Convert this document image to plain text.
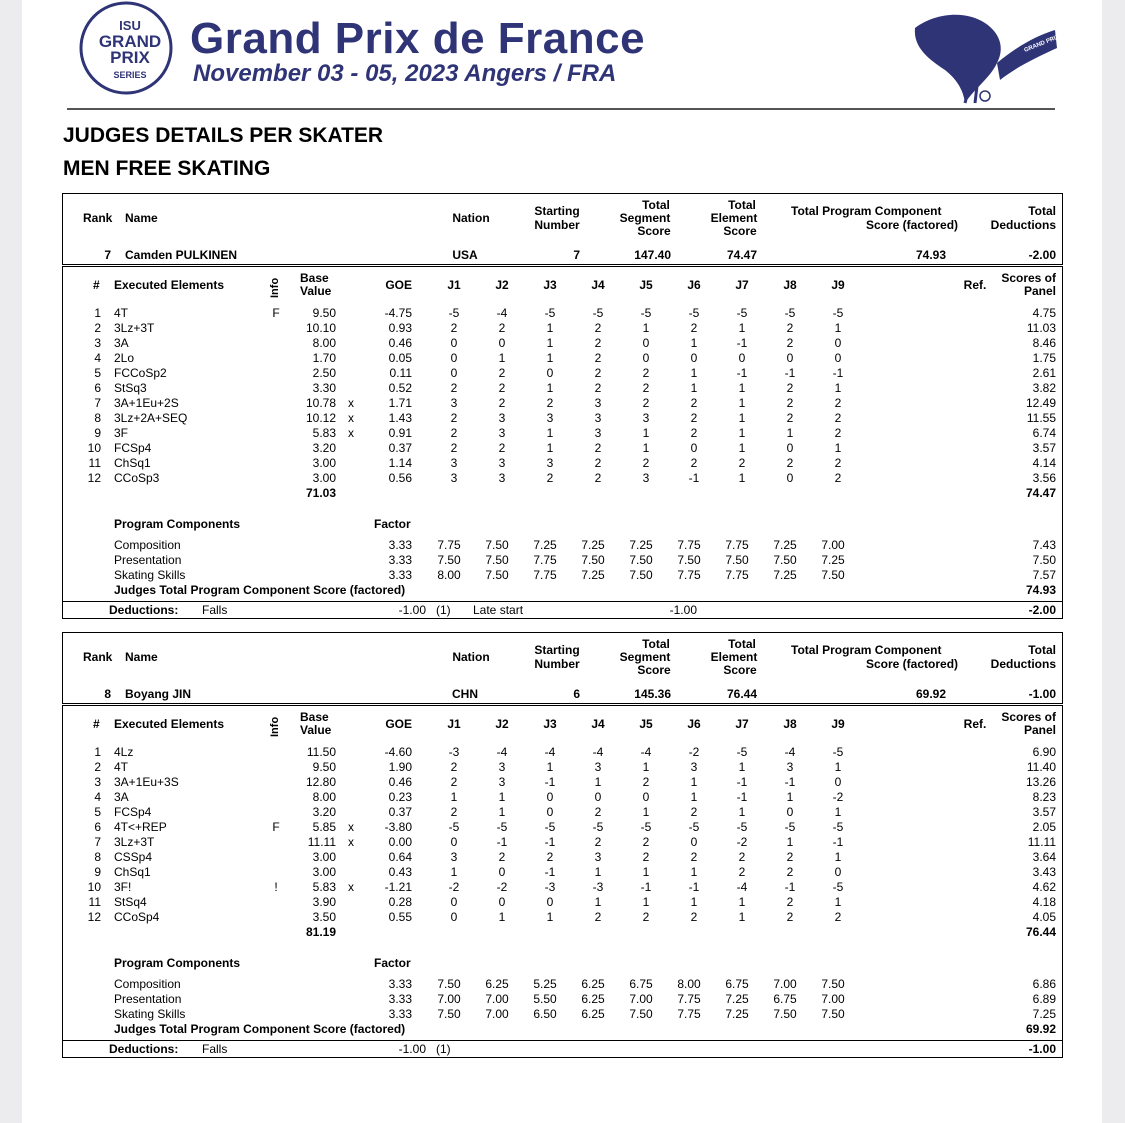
ISU
GRAND
PRIX
SERIES
Grand Prix de France
November 03 - 05, 2023 Angers / FRA
GRAND PRIX DE FRANCE
JUDGES DETAILS PER SKATER
MEN FREE SKATING
Rank Name	Nation	Starting
Number
Total
Segment
Score
Total
Element
Score
Total Program Component
Score (factored)
Total
Deductions
7 Camden PULKINEN	USA	7	147.40	74.47	74.93	-2.00
# Executed Elements	Info Base
Value	GOE	J1	J2	J3	J4	J5	J6	J7	J8	J9	Ref.	Scores of
Panel
1 4T	F	9.50	-4.75	-5	-4	-5	-5	-5	-5	-5	-5	-5	4.75
2 3Lz+3T	10.10	0.93	2	2	1	2	1	2	1	2	1	11.03
3 3A	8.00	0.46	0	0	1	2	0	1	-1	2	0	8.46
4 2Lo	1.70	0.05	0	1	1	2	0	0	0	0	0	1.75
5 FCCoSp2	2.50	0.11	0	2	0	2	2	1	-1	-1	-1	2.61
6 StSq3	3.30	0.52	2	2	1	2	2	1	1	2	1	3.82
7 3A+1Eu+2S	10.78	x	1.71	3	2	2	3	2	2	1	2	2	12.49
8 3Lz+2A+SEQ	10.12	x	1.43	2	3	3	3	3	2	1	2	2	11.55
9 3F	5.83	x	0.91	2	3	1	3	1	2	1	1	2	6.74
10 FCSp4	3.20	0.37	2	2	1	2	1	0	1	0	1	3.57
11 ChSq1	3.00	1.14	3	3	3	2	2	2	2	2	2	4.14
12 CCoSp3	3.00	0.56	3	3	2	2	3	-1	1	0	2	3.56
71.03	74.47
Program Components	Factor
Composition	3.33	7.75	7.50	7.25	7.25	7.25	7.75	7.75	7.25	7.00	7.43
Presentation	3.33	7.50	7.50	7.75	7.50	7.50	7.50	7.50	7.50	7.25	7.50
Skating Skills	3.33	8.00	7.50	7.75	7.25	7.50	7.75	7.75	7.25	7.50	7.57
Judges Total Program Component Score (factored)	74.93
Deductions: Falls	-1.00 (1) Late start	-1.00	-2.00
Rank Name	Nation	Starting
Number
Total
Segment
Score
Total
Element
Score
Total Program Component
Score (factored)
Total
Deductions
8 Boyang JIN	CHN	6	145.36	76.44	69.92	-1.00
# Executed Elements	Info Base
Value	GOE	J1	J2	J3	J4	J5	J6	J7	J8	J9	Ref.	Scores of
Panel
1 4Lz	11.50	-4.60	-3	-4	-4	-4	-4	-2	-5	-4	-5	6.90
2 4T	9.50	1.90	2	3	1	3	1	3	1	3	1	11.40
3 3A+1Eu+3S	12.80	0.46	2	3	-1	1	2	1	-1	-1	0	13.26
4 3A	8.00	0.23	1	1	0	0	0	1	-1	1	-2	8.23
5 FCSp4	3.20	0.37	2	1	0	2	1	2	1	0	1	3.57
6 4T<+REP	F	5.85	x	-3.80	-5	-5	-5	-5	-5	-5	-5	-5	-5	2.05
7 3Lz+3T	11.11	x	0.00	0	-1	-1	2	2	0	-2	1	-1	11.11
8 CSSp4	3.00	0.64	3	2	2	3	2	2	2	2	1	3.64
9 ChSq1	3.00	0.43	1	0	-1	1	1	1	2	2	0	3.43
10 3F!	!	5.83	x	-1.21	-2	-2	-3	-3	-1	-1	-4	-1	-5	4.62
11 StSq4	3.90	0.28	0	0	0	1	1	1	1	2	1	4.18
12 CCoSp4	3.50	0.55	0	1	1	2	2	2	1	2	2	4.05
81.19	76.44
Program Components	Factor
Composition	3.33	7.50	6.25	5.25	6.25	6.75	8.00	6.75	7.00	7.50	6.86
Presentation	3.33	7.00	7.00	5.50	6.25	7.00	7.75	7.25	6.75	7.00	6.89
Skating Skills	3.33	7.50	7.00	6.50	6.25	7.50	7.75	7.25	7.50	7.50	7.25
Judges Total Program Component Score (factored)	69.92
Deductions: Falls	-1.00 (1)	-1.00
